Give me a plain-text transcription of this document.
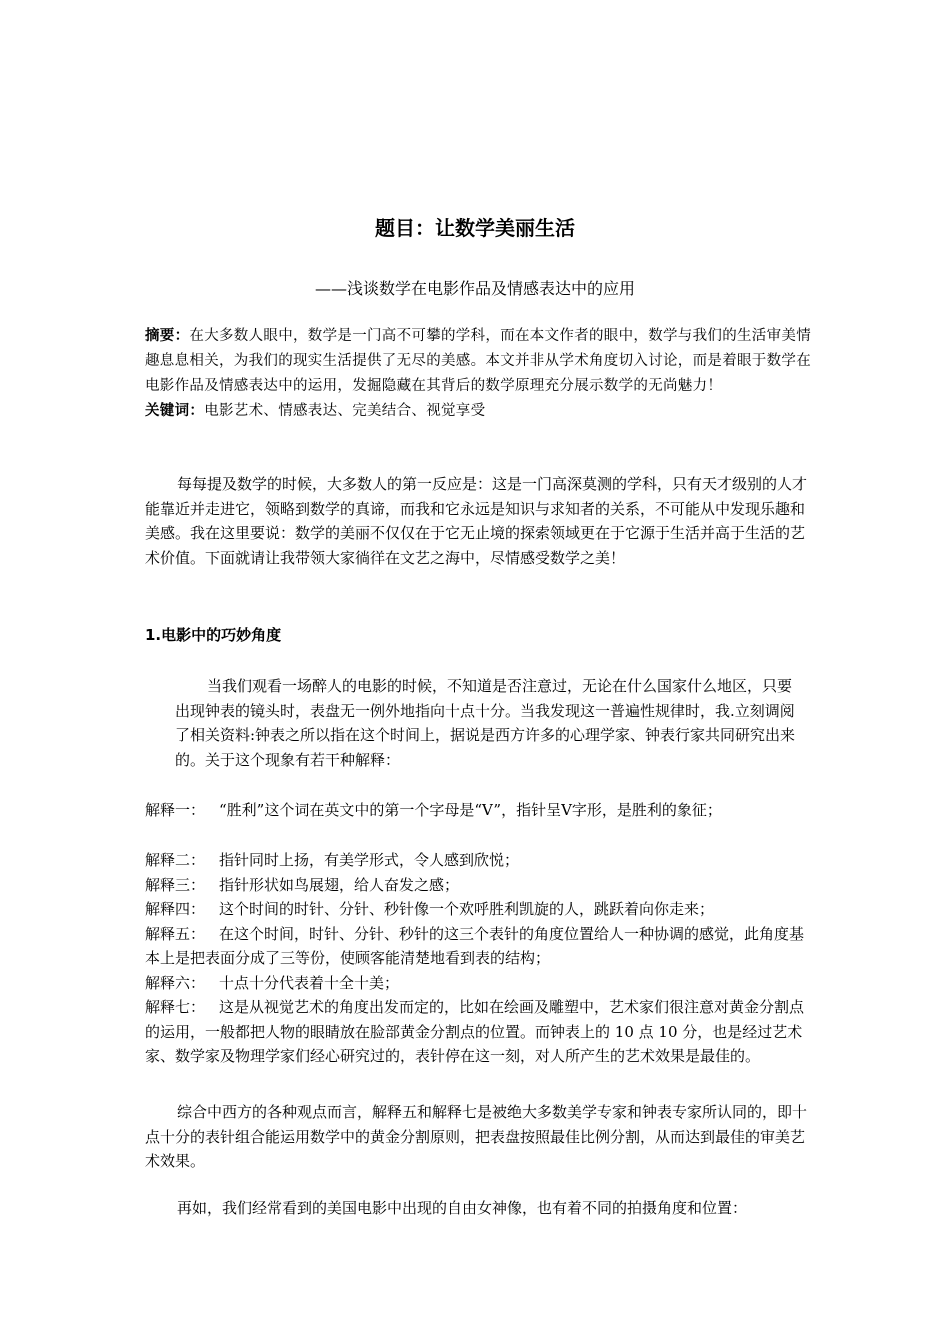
题目：让数学美丽生活
——浅谈数学在电影作品及情感表达中的应用
摘要：在大多数人眼中，数学是一门高不可攀的学科，而在本文作者的眼中，数学与我们的生活审美情趣息息相关，为我们的现实生活提供了无尽的美感。本文并非从学术角度切入讨论，而是着眼于数学在电影作品及情感表达中的运用，发掘隐藏在其背后的数学原理充分展示数学的无尚魅力！
关键词：电影艺术、情感表达、完美结合、视觉享受
每每提及数学的时候，大多数人的第一反应是：这是一门高深莫测的学科，只有天才级别的人才能靠近并走进它，领略到数学的真谛，而我和它永远是知识与求知者的关系，不可能从中发现乐趣和美感。我在这里要说：数学的美丽不仅仅在于它无止境的探索领域更在于它源于生活并高于生活的艺术价值。下面就请让我带领大家徜徉在文艺之海中，尽情感受数学之美！
1.电影中的巧妙角度
当我们观看一场醉人的电影的时候，不知道是否注意过，无论在什么国家什么地区，只要出现钟表的镜头时，表盘无一例外地指向十点十分。当我发现这一普遍性规律时，我.立刻调阅了相关资料:钟表之所以指在这个时间上，据说是西方许多的心理学家、钟表行家共同研究出来的。关于这个现象有若干种解释：
解释一： “胜利”这个词在英文中的第一个字母是“V”，指针呈V字形，是胜利的象征；
解释二： 指针同时上扬，有美学形式，令人感到欣悦；
解释三： 指针形状如鸟展翅，给人奋发之感；
解释四： 这个时间的时针、分针、秒针像一个欢呼胜利凯旋的人，跳跃着向你走来；
解释五： 在这个时间，时针、分针、秒针的这三个表针的角度位置给人一种协调的感觉，此角度基本上是把表面分成了三等份，使顾客能清楚地看到表的结构；
解释六： 十点十分代表着十全十美；
解释七： 这是从视觉艺术的角度出发而定的，比如在绘画及雕塑中，艺术家们很注意对黄金分割点的运用，一般都把人物的眼睛放在脸部黄金分割点的位置。而钟表上的 10 点 10 分，也是经过艺术家、数学家及物理学家们经心研究过的，表针停在这一刻，对人所产生的艺术效果是最佳的。
综合中西方的各种观点而言，解释五和解释七是被绝大多数美学专家和钟表专家所认同的，即十点十分的表针组合能运用数学中的黄金分割原则，把表盘按照最佳比例分割，从而达到最佳的审美艺术效果。
再如，我们经常看到的美国电影中出现的自由女神像，也有着不同的拍摄角度和位置：
